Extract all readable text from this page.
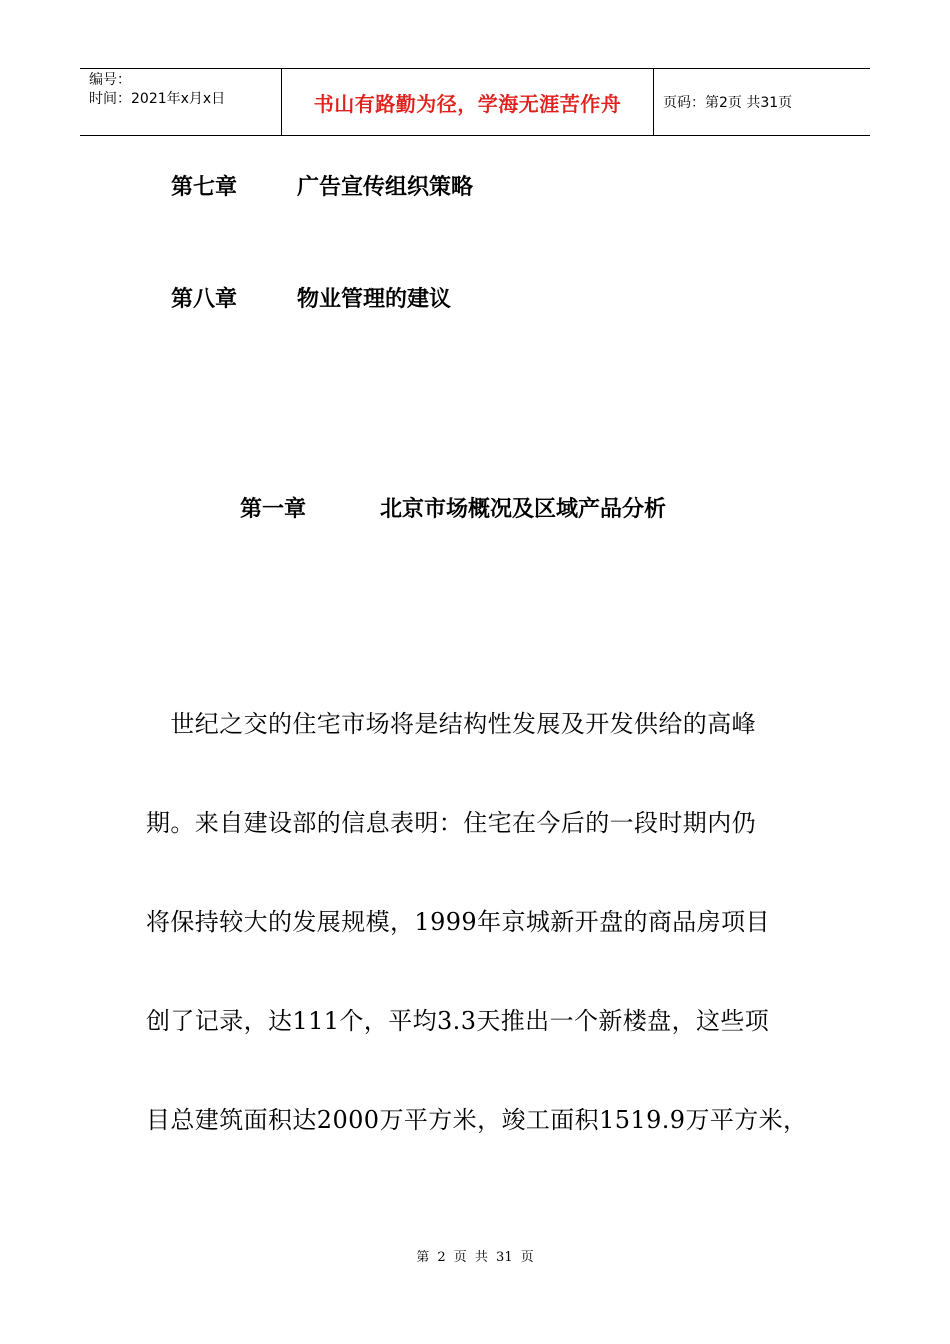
编号：
时间：2021年x月x日	书山有路勤为径，学海无涯苦作舟	页码：第2页 共31页
第七章	广告宣传组织策略
第八章	物业管理的建议
第一章	北京市场概况及区域产品分析
　世纪之交的住宅市场将是结构性发展及开发供给的高峰
期。来自建设部的信息表明：住宅在今后的一段时期内仍
将保持较大的发展规模，1999年京城新开盘的商品房项目
创了记录，达111个，平均3.3天推出一个新楼盘，这些项
目总建筑面积达2000万平方米，竣工面积1519.9万平方米，
第 2 页 共 31 页
